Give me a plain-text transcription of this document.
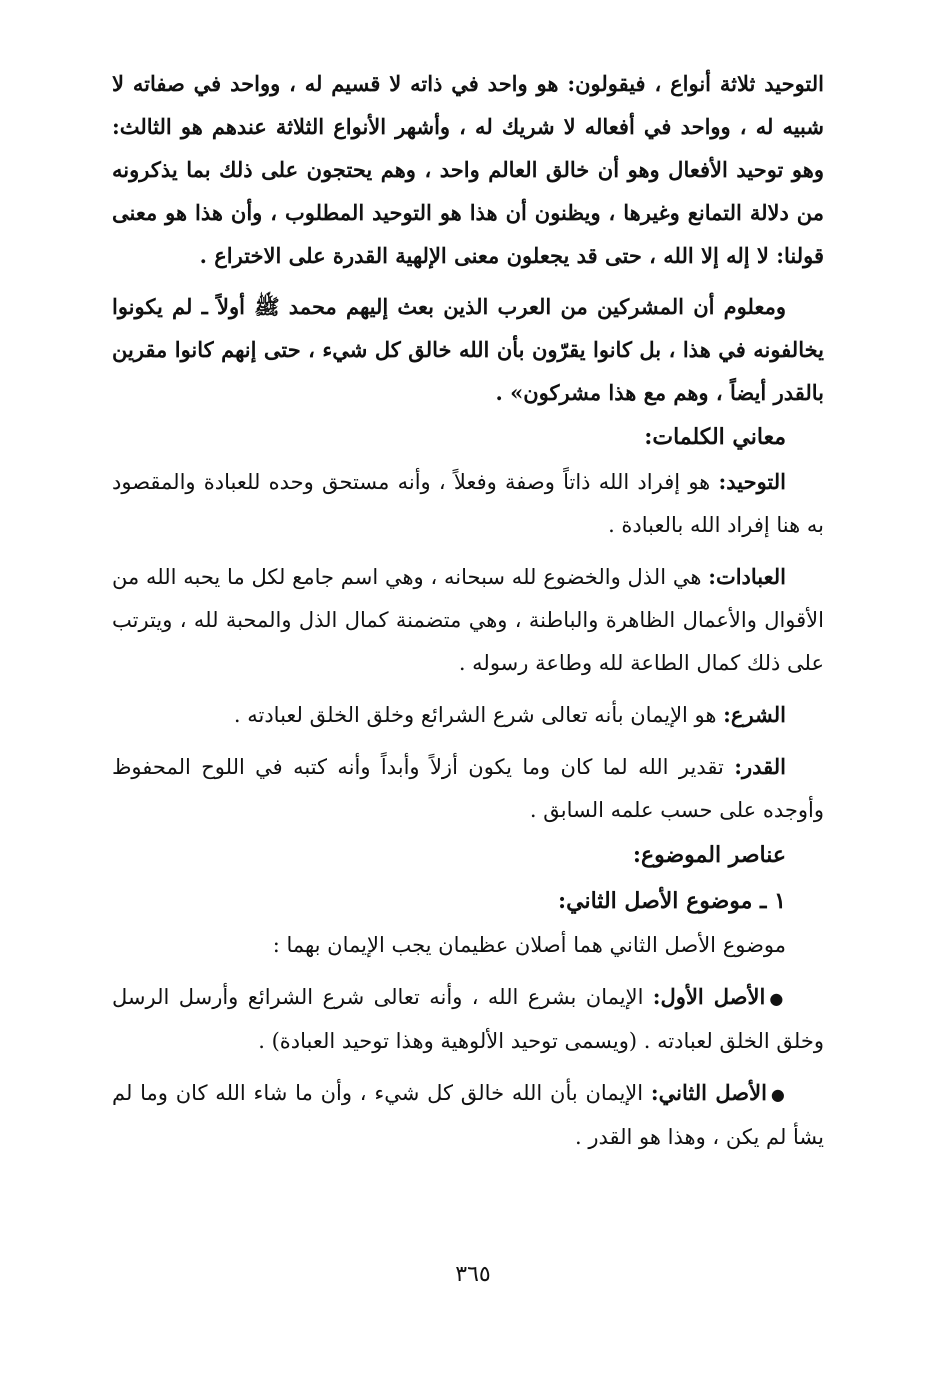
التوحيد ثلاثة أنواع ، فيقولون: هو واحد في ذاته لا قسيم له ، وواحد في صفاته لا شبيه له ، وواحد في أفعاله لا شريك له ، وأشهر الأنواع الثلاثة عندهم هو الثالث: وهو توحيد الأفعال وهو أن خالق العالم واحد ، وهم يحتجون على ذلك بما يذكرونه من دلالة التمانع وغيرها ، ويظنون أن هذا هو التوحيد المطلوب ، وأن هذا هو معنى قولنا: لا إله إلا الله ، حتى قد يجعلون معنى الإلهية القدرة على الاختراع .

ومعلوم أن المشركين من العرب الذين بعث إليهم محمد ﷺ أولاً ـ لم يكونوا يخالفونه في هذا ، بل كانوا يقرّون بأن الله خالق كل شيء ، حتى إنهم كانوا مقرين بالقدر أيضاً ، وهم مع هذا مشركون» .

معاني الكلمات:

التوحيد: هو إفراد الله ذاتاً وصفة وفعلاً ، وأنه مستحق وحده للعبادة والمقصود به هنا إفراد الله بالعبادة .

العبادات: هي الذل والخضوع لله سبحانه ، وهي اسم جامع لكل ما يحبه الله من الأقوال والأعمال الظاهرة والباطنة ، وهي متضمنة كمال الذل والمحبة لله ، ويترتب على ذلك كمال الطاعة لله وطاعة رسوله .

الشرع: هو الإيمان بأنه تعالى شرع الشرائع وخلق الخلق لعبادته .

القدر: تقدير الله لما كان وما يكون أزلاً وأبداً وأنه كتبه في اللوح المحفوظ وأوجده على حسب علمه السابق .

عناصر الموضوع:
١ ـ موضوع الأصل الثاني:

موضوع الأصل الثاني هما أصلان عظيمان يجب الإيمان بهما :

●الأصل الأول: الإيمان بشرع الله ، وأنه تعالى شرع الشرائع وأرسل الرسل وخلق الخلق لعبادته . (ويسمى توحيد الألوهية وهذا توحيد العبادة) .

●الأصل الثاني: الإيمان بأن الله خالق كل شيء ، وأن ما شاء الله كان وما لم يشأ لم يكن ، وهذا هو القدر .

٣٦٥
